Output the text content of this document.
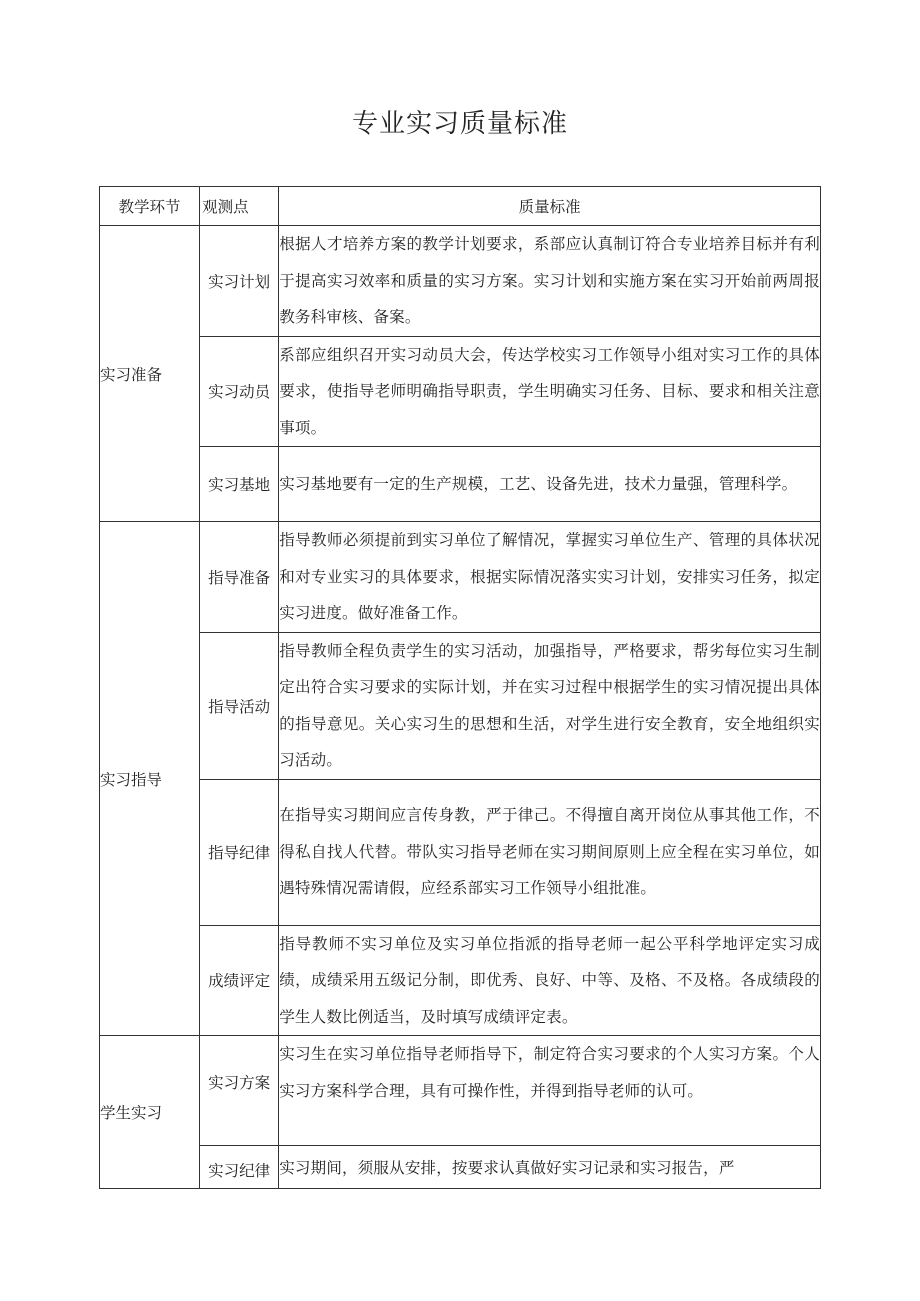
专业实习质量标准
教学环节	观测点	质量标准
实习准备	实习计划	根据人才培养方案的教学计划要求，系部应认真制订符合专业培养目标并有利于提高实习效率和质量的实习方案。实习计划和实施方案在实习开始前两周报教务科审核、备案。
	实习动员	系部应组织召开实习动员大会，传达学校实习工作领导小组对实习工作的具体要求，使指导老师明确指导职责，学生明确实习任务、目标、要求和相关注意事项。
	实习基地	实习基地要有一定的生产规模，工艺、设备先进，技术力量强，管理科学。
实习指导	指导准备	指导教师必须提前到实习单位了解情况，掌握实习单位生产、管理的具体状况和对专业实习的具体要求，根据实际情况落实实习计划，安排实习任务，拟定实习进度。做好准备工作。
	指导活动	指导教师全程负责学生的实习活动，加强指导，严格要求，帮劣每位实习生制定出符合实习要求的实际计划，并在实习过程中根据学生的实习情况提出具体的指导意见。关心实习生的思想和生活，对学生进行安全教育，安全地组织实习活动。
	指导纪律	在指导实习期间应言传身教，严于律己。不得擅自离开岗位从事其他工作，不得私自找人代替。带队实习指导老师在实习期间原则上应全程在实习单位，如遇特殊情况需请假，应经系部实习工作领导小组批准。
	成绩评定	指导教师不实习单位及实习单位指派的指导老师一起公平科学地评定实习成绩，成绩采用五级记分制，即优秀、良好、中等、及格、不及格。各成绩段的学生人数比例适当，及时填写成绩评定表。
学生实习	实习方案	实习生在实习单位指导老师指导下，制定符合实习要求的个人实习方案。个人实习方案科学合理，具有可操作性，并得到指导老师的认可。
	实习纪律	实习期间，须服从安排，按要求认真做好实习记录和实习报告，严
